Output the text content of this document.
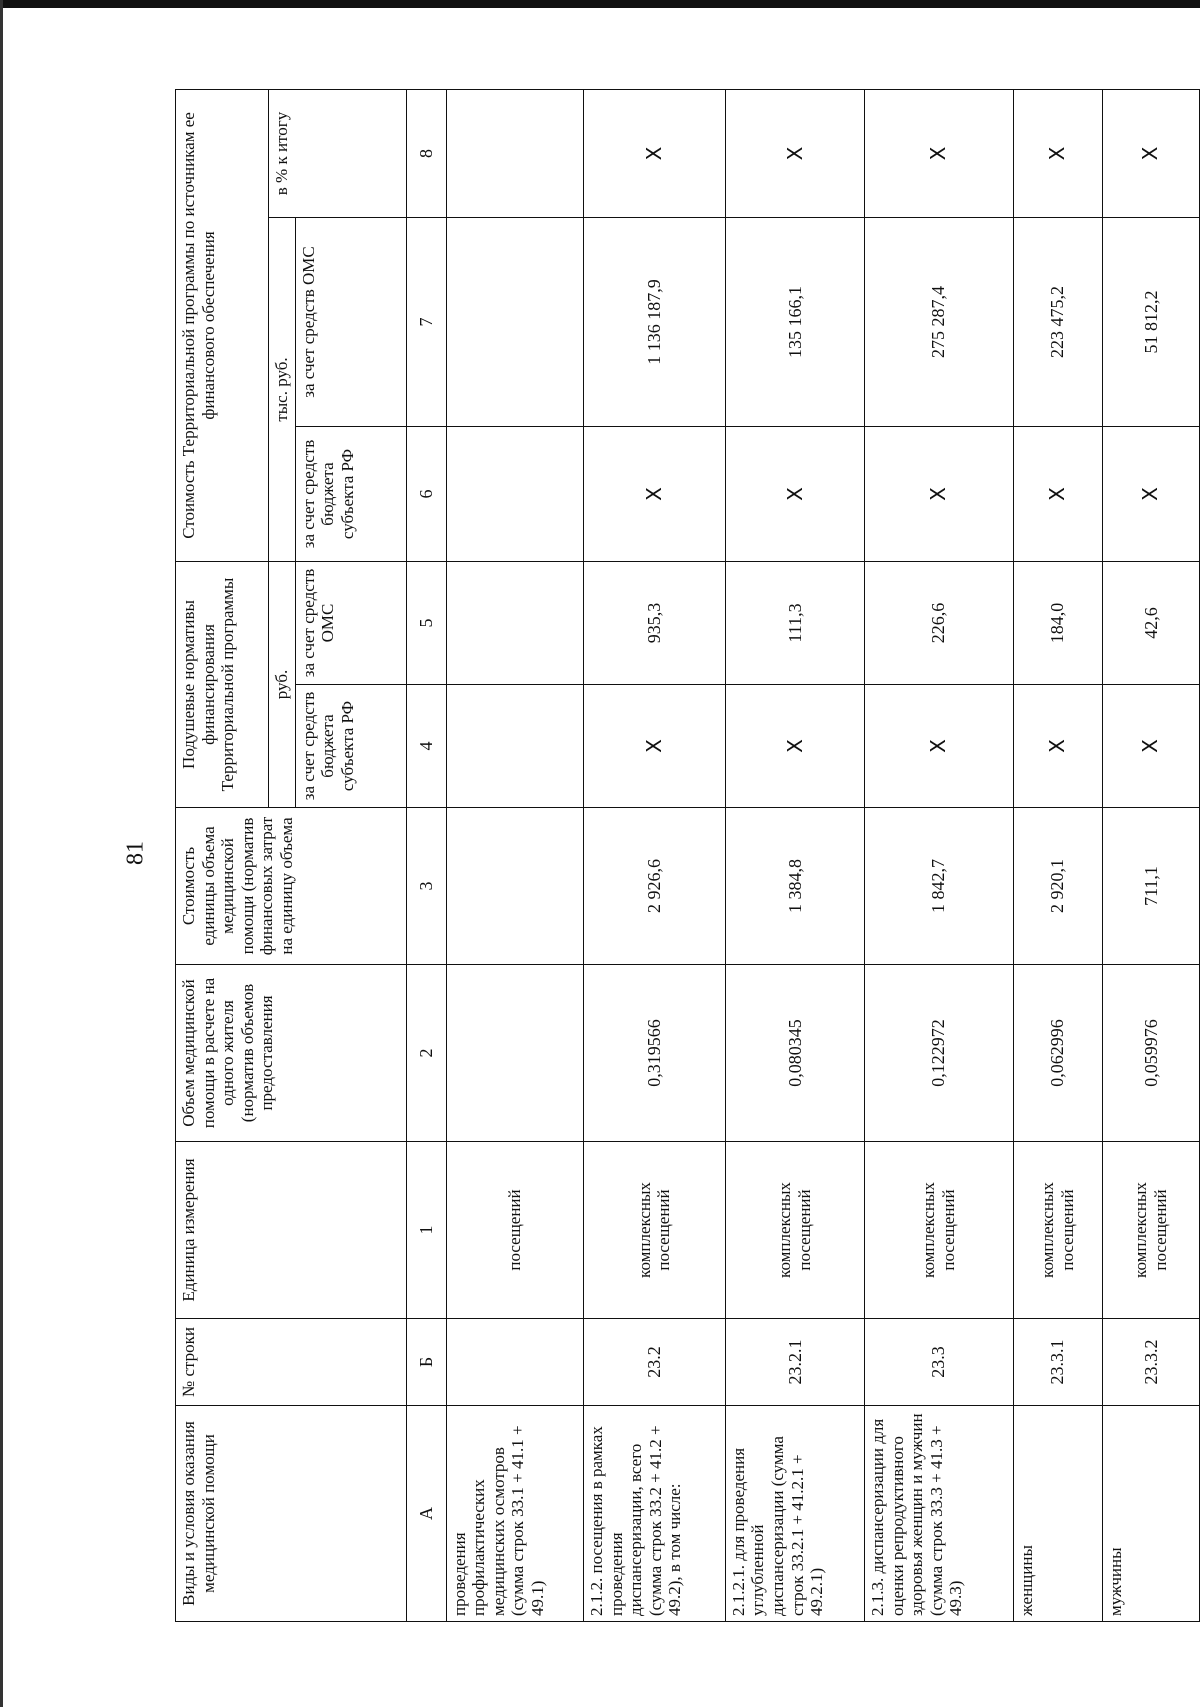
81
Виды и условия оказания медицинской помощи	№ строки	Единица измерения	Объем медицинской помощи в расчете на одного жителя (норматив объемов предоставления	Стоимость единицы объема медицинской помощи (норматив финансовых затрат на единицу объема	Подушевые нормативы финансирования Территориальной программы		Стоимость Территориальной программы по источникам ее финансового обеспечения		
					руб.		тыс. руб.		в % к итогу
					за счет средств бюджета субъекта РФ	за счет средств ОМС	за счет средств бюджета субъекта РФ	за счет средств ОМС	
А	Б	1	2	3	4	5	6	7	8
проведения профилактических медицинских осмотров (сумма строк 33.1 + 41.1 + 49.1)		посещений							
2.1.2. посещения в рамках проведения диспансеризации, всего (сумма строк 33.2 + 41.2 + 49.2), в том числе:	23.2	комплексных посещений	0,319566	2 926,6	Х	935,3	Х	1 136 187,9	Х
2.1.2.1. для проведения углубленной диспансеризации (сумма строк 33.2.1 + 41.2.1 + 49.2.1)	23.2.1	комплексных посещений	0,080345	1 384,8	Х	111,3	Х	135 166,1	Х
2.1.3. диспансеризации для оценки репродуктивного здоровья женщин и мужчин (сумма строк 33.3 + 41.3 + 49.3)	23.3	комплексных посещений	0,122972	1 842,7	Х	226,6	Х	275 287,4	Х
женщины	23.3.1	комплексных посещений	0,062996	2 920,1	Х	184,0	Х	223 475,2	Х
мужчины	23.3.2	комплексных посещений	0,059976	711,1	Х	42,6	Х	51 812,2	Х
